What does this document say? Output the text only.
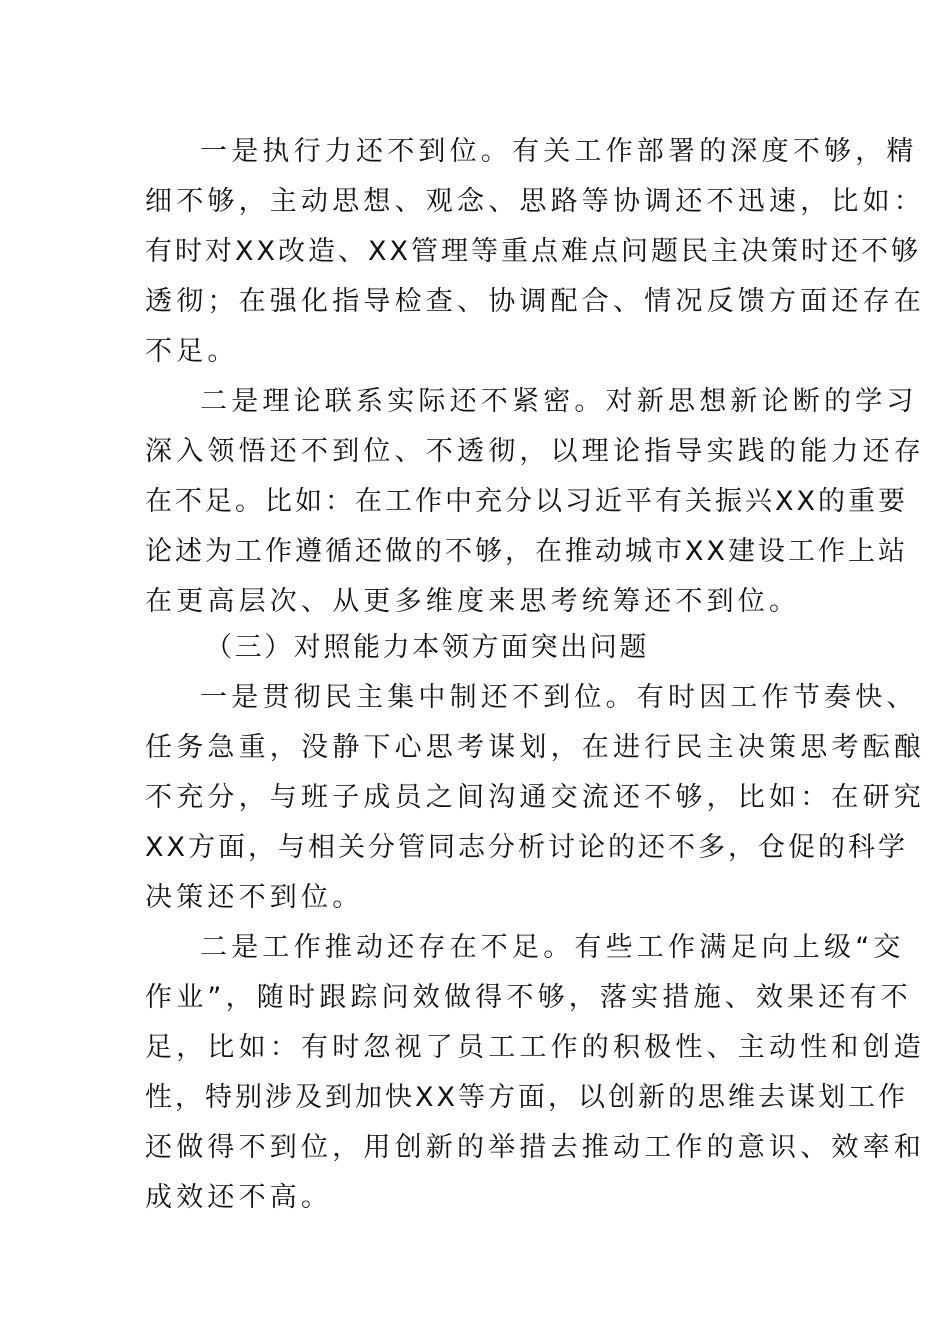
一是执行力还不到位。有关工作部署的深度不够，精

细不够，主动思想、观念、思路等协调还不迅速，比如：

有时对XX改造、XX管理等重点难点问题民主决策时还不够

透彻；在强化指导检查、协调配合、情况反馈方面还存在

不足。

二是理论联系实际还不紧密。对新思想新论断的学习

深入领悟还不到位、不透彻，以理论指导实践的能力还存

在不足。比如：在工作中充分以习近平有关振兴XX的重要

论述为工作遵循还做的不够，在推动城市XX建设工作上站

在更高层次、从更多维度来思考统筹还不到位。

（三）对照能力本领方面突出问题

一是贯彻民主集中制还不到位。有时因工作节奏快、

任务急重，没静下心思考谋划，在进行民主决策思考酝酿

不充分，与班子成员之间沟通交流还不够，比如：在研究

XX方面，与相关分管同志分析讨论的还不多，仓促的科学

决策还不到位。

二是工作推动还存在不足。有些工作满足向上级“交

作业”，随时跟踪问效做得不够，落实措施、效果还有不

足，比如：有时忽视了员工工作的积极性、主动性和创造

性，特别涉及到加快XX等方面，以创新的思维去谋划工作

还做得不到位，用创新的举措去推动工作的意识、效率和

成效还不高。
